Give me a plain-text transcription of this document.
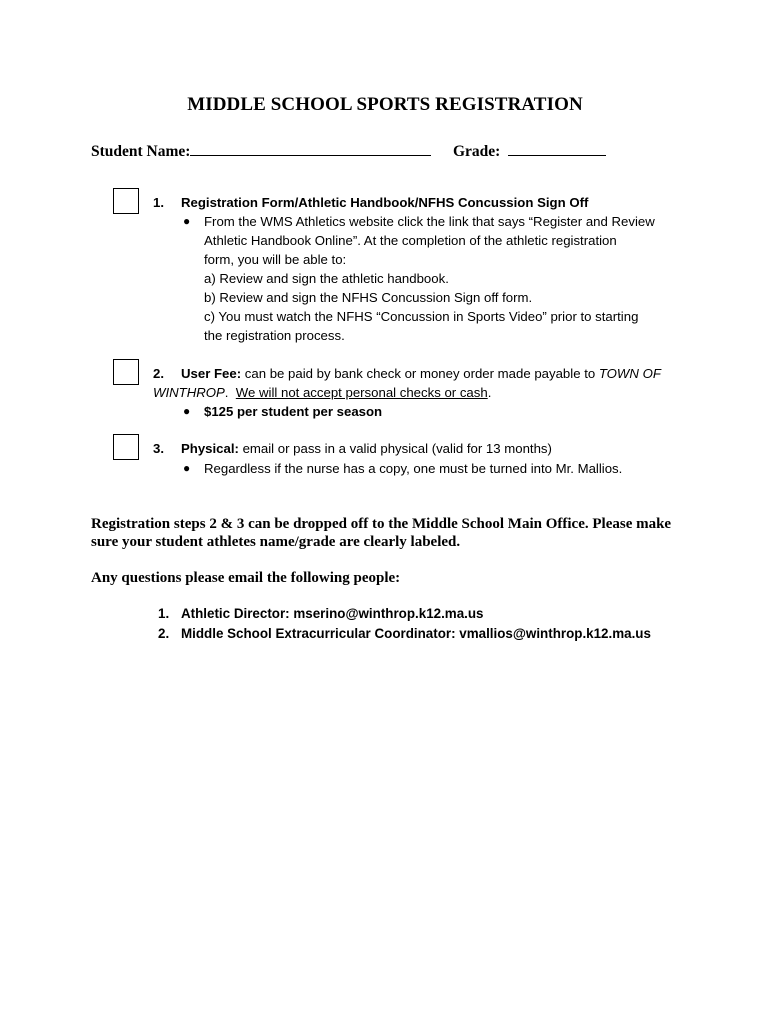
MIDDLE SCHOOL SPORTS REGISTRATION
Student Name:	Grade:
1. Registration Form/Athletic Handbook/NFHS Concussion Sign Off
● From the WMS Athletics website click the link that says “Register and Review
Athletic Handbook Online”. At the completion of the athletic registration
form, you will be able to:
a) Review and sign the athletic handbook.
b) Review and sign the NFHS Concussion Sign off form.
c) You must watch the NFHS “Concussion in Sports Video” prior to starting
the registration process.
2. User Fee: can be paid by bank check or money order made payable to TOWN OF
WINTHROP.  We will not accept personal checks or cash.
●	$125 per student per season
3. Physical: email or pass in a valid physical (valid for 13 months)
●	Regardless if the nurse has a copy, one must be turned into Mr. Mallios.
Registration steps 2 & 3 can be dropped off to the Middle School Main Office. Please make
sure your student athletes name/grade are clearly labeled.
Any questions please email the following people:
1. Athletic Director: mserino@winthrop.k12.ma.us
2. Middle School Extracurricular Coordinator: vmallios@winthrop.k12.ma.us
